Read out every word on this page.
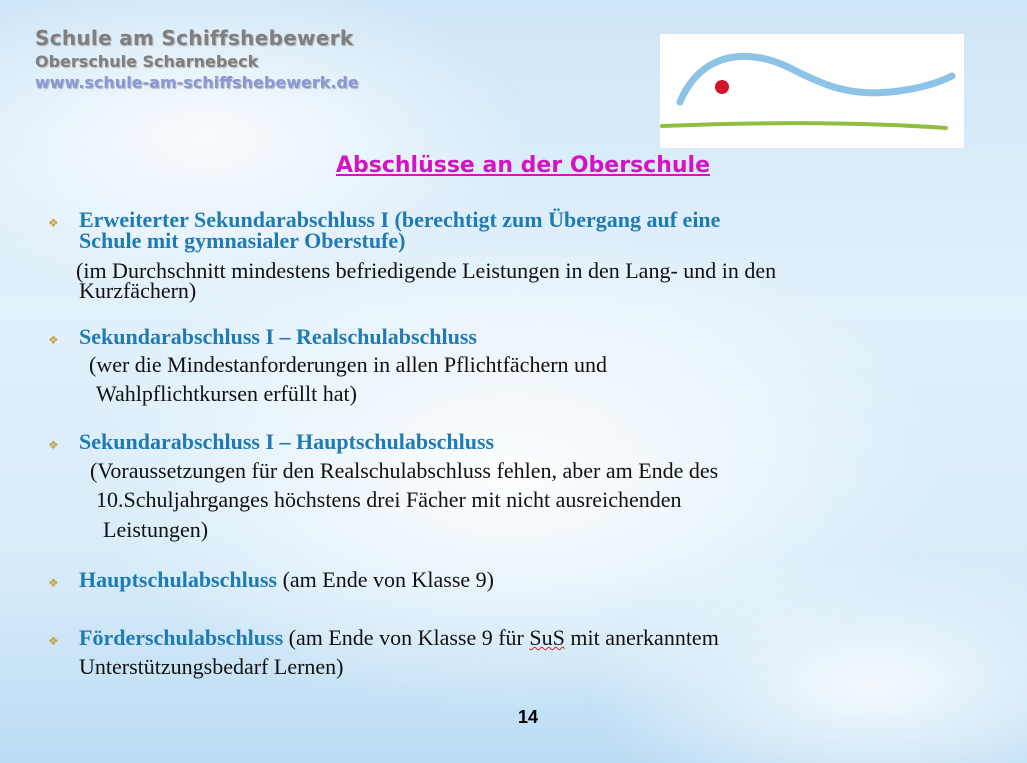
Schule am Schiffshebewerk
Oberschule Scharnebeck
www.schule-am-schiffshebewerk.de
Abschlüsse an der Oberschule
❖ Erweiterter Sekundarabschluss I (berechtigt zum Übergang auf eine
Schule mit gymnasialer Oberstufe)
(im Durchschnitt mindestens befriedigende Leistungen in den Lang- und in den
Kurzfächern)
❖ Sekundarabschluss I – Realschulabschluss
(wer die Mindestanforderungen in allen Pflichtfächern und
Wahlpflichtkursen erfüllt hat)
❖ Sekundarabschluss I – Hauptschulabschluss
(Voraussetzungen für den Realschulabschluss fehlen, aber am Ende des
10.Schuljahrganges höchstens drei Fächer mit nicht ausreichenden
Leistungen)
❖ Hauptschulabschluss (am Ende von Klasse 9)
❖ Förderschulabschluss (am Ende von Klasse 9 für SuS mit anerkanntem
Unterstützungsbedarf Lernen)
14
